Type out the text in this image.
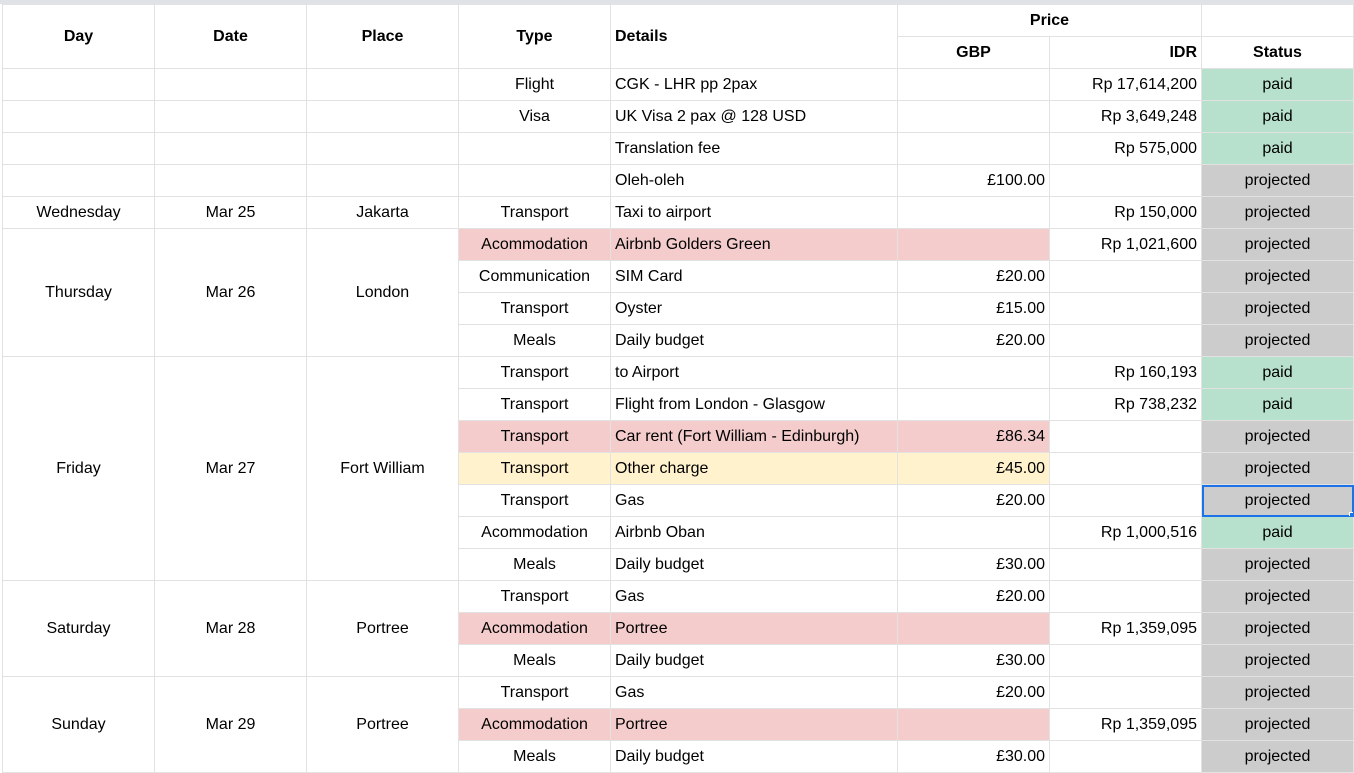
Day	Date	Place	Type	Details	Price		
					GBP	IDR	Status
			Flight	CGK - LHR pp 2pax		Rp 17,614,200	paid
			Visa	UK Visa 2 pax @ 128 USD		Rp 3,649,248	paid
				Translation fee		Rp 575,000	paid
				Oleh-oleh	£100.00		projected
Wednesday	Mar 25	Jakarta	Transport	Taxi to airport		Rp 150,000	projected
Thursday	Mar 26	London	Acommodation	Airbnb Golders Green		Rp 1,021,600	projected
			Communication	SIM Card	£20.00		projected
			Transport	Oyster	£15.00		projected
			Meals	Daily budget	£20.00		projected
Friday	Mar 27	Fort William	Transport	to Airport		Rp 160,193	paid
			Transport	Flight from London - Glasgow		Rp 738,232	paid
			Transport	Car rent (Fort William - Edinburgh)	£86.34		projected
			Transport	Other charge	£45.00		projected
			Transport	Gas	£20.00		projected

			Acommodation	Airbnb Oban		Rp 1,000,516	paid
			Meals	Daily budget	£30.00		projected
Saturday	Mar 28	Portree	Transport	Gas	£20.00		projected
			Acommodation	Portree		Rp 1,359,095	projected
			Meals	Daily budget	£30.00		projected
Sunday	Mar 29	Portree	Transport	Gas	£20.00		projected
			Acommodation	Portree		Rp 1,359,095	projected
			Meals	Daily budget	£30.00		projected
